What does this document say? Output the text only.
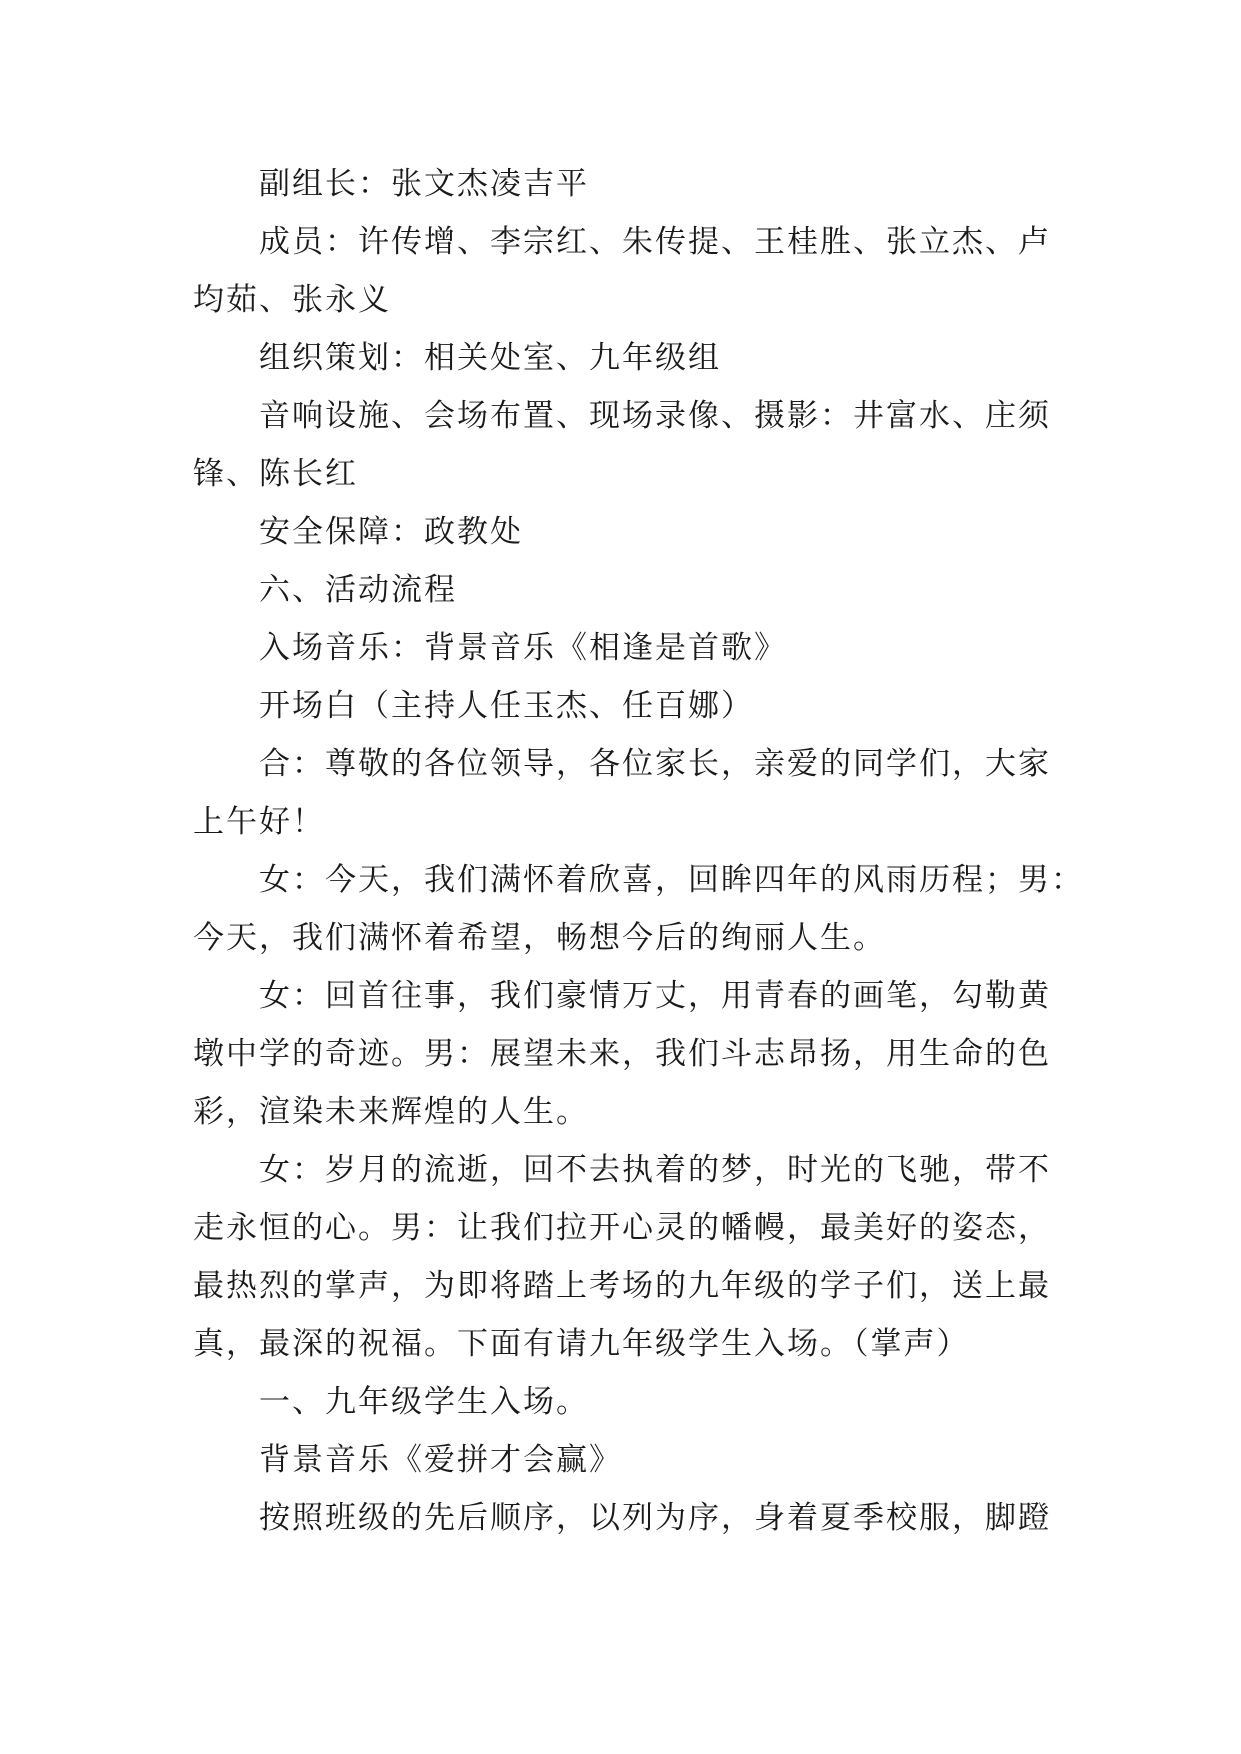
副组长：张文杰凌吉平
成员：许传增、李宗红、朱传提、王桂胜、张立杰、卢
均茹、张永义
组织策划：相关处室、九年级组
音响设施、会场布置、现场录像、摄影：井富水、庄须
锋、陈长红
安全保障：政教处
六、活动流程
入场音乐：背景音乐《相逢是首歌》
开场白（主持人任玉杰、任百娜）
合：尊敬的各位领导，各位家长，亲爱的同学们，大家
上午好！
女：今天，我们满怀着欣喜，回眸四年的风雨历程；男：
今天，我们满怀着希望，畅想今后的绚丽人生。
女：回首往事，我们豪情万丈，用青春的画笔，勾勒黄
墩中学的奇迹。男：展望未来，我们斗志昂扬，用生命的色
彩，渲染未来辉煌的人生。
女：岁月的流逝，回不去执着的梦，时光的飞驰，带不
走永恒的心。男：让我们拉开心灵的幡幔，最美好的姿态，
最热烈的掌声，为即将踏上考场的九年级的学子们，送上最
真，最深的祝福。下面有请九年级学生入场。（掌声）
一、九年级学生入场。
背景音乐《爱拼才会赢》
按照班级的先后顺序，以列为序，身着夏季校服，脚蹬
